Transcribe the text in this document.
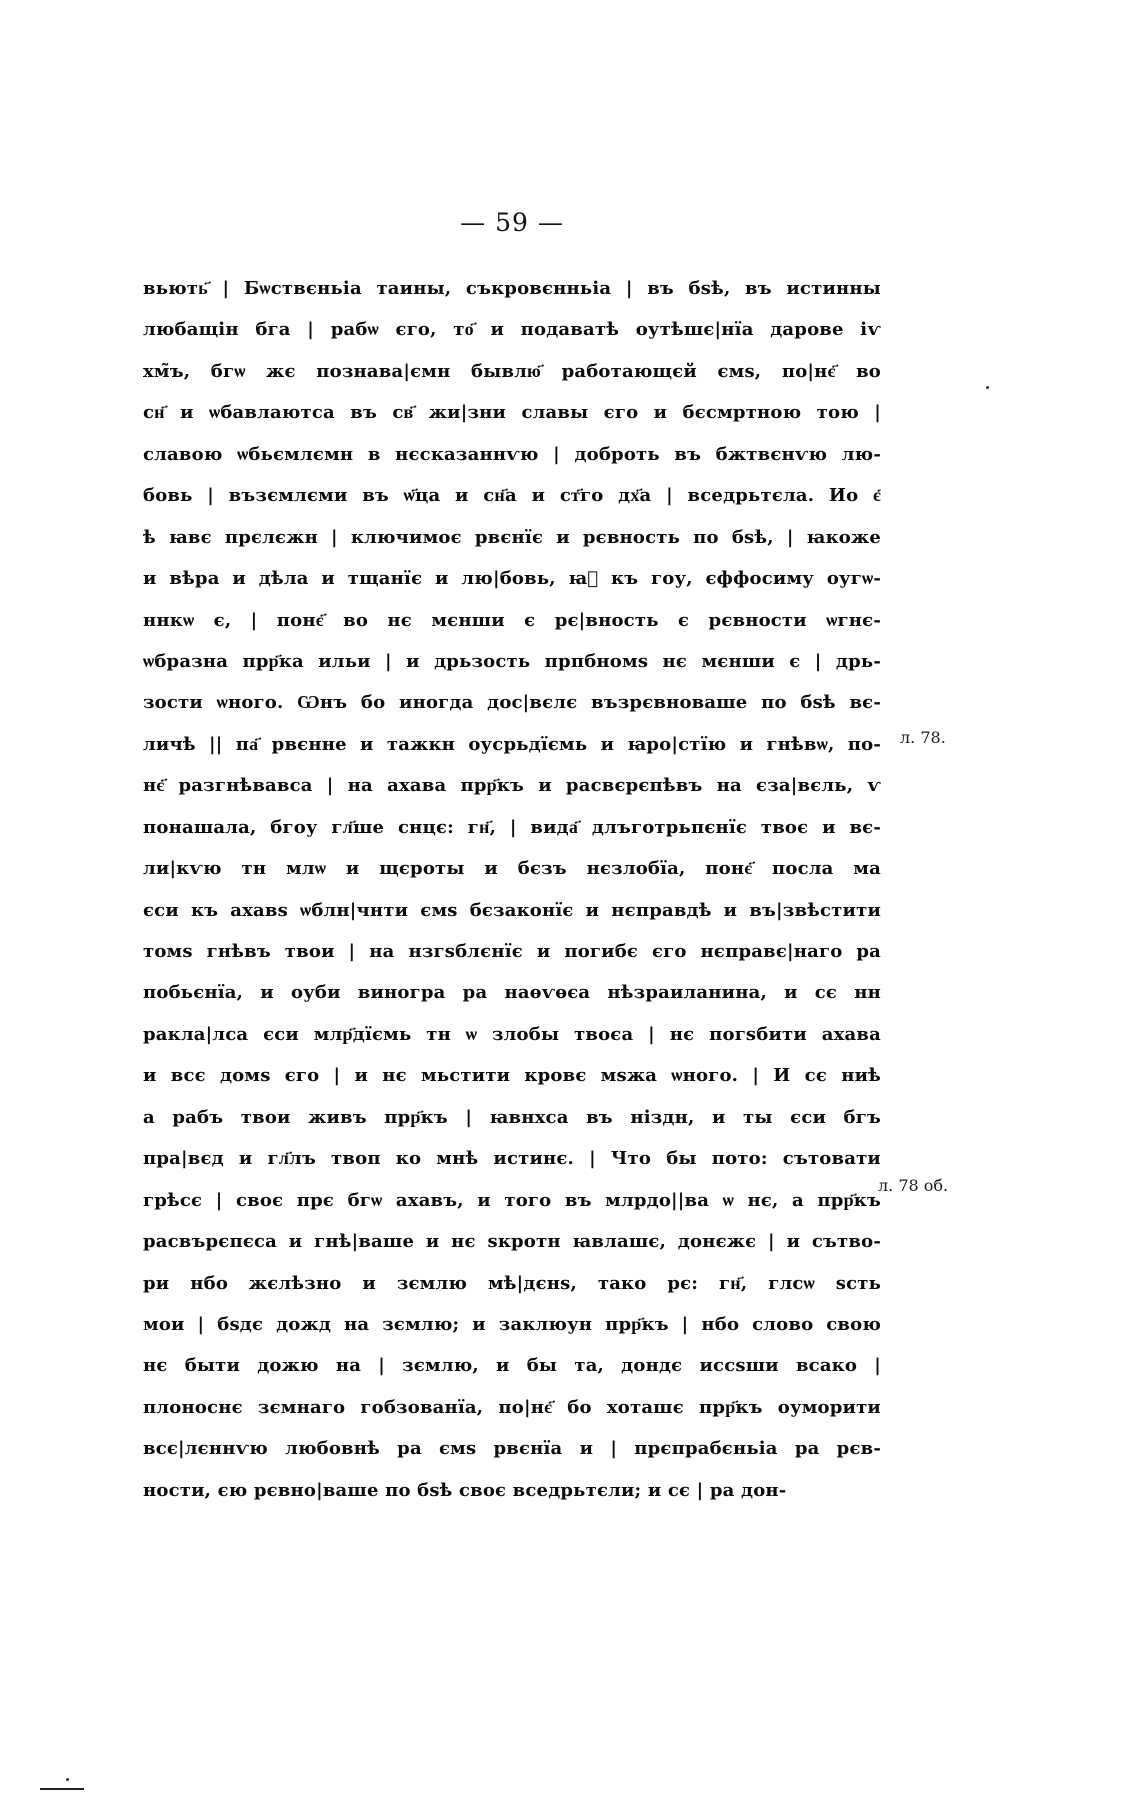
— 59 —
вьють҃ | Бѡствєньіа таины, съкровєнньіа | въ бѕѣ, въ истинны
любащін бга | рабѡ єго, то҃ и подаватѣ оутѣшє|нїа дарове іѵ
хм̃ъ, бгѡ жє познава|ємн бывлю҃ работающєй ємѕ, по|нє҃ во
сн҃ и ѡбавлаютса въ св҃ жи|зни славы єго и бєсмртною тою |
славою ѡбьємлємн в нєсказаннѵю | доброть въ бжтвєнѵю лю-
бовь | възємлєми въ ѡ҃ца и сн҃а и ст҃го дх҃а | вседрьтєла. Ио є҃
ѣ ꙗвє прєлєжн | ключимоє рвєнїє и рєвность по бѕѣ, | ꙗкоже
и вѣра и дѣла и тщанїє и лю|бовь, ꙗ҃ къ гоу, єффосиму оугѡ-
ннкѡ є, | понє҃ во нє мєнши є рє|вность є рєвности ѡгнє-
ѡбразна прр҃ка ильи | и дрьзость прпбномѕ нє мєнши є | дрь-
зости ѡного. Ѡнъ бо иногда дос|вєлє възрєвноваше по бѕѣ вє-
личѣ || па҃ рвєнне и тажкн оусрьдїємь и ꙗро|стїю и гнѣвѡ, по-
нє҃ разгнѣвавса | на ахава прр҃къ и расвєрєпѣвъ на єза|вєль, ѵ
понашала, бгоу гл҃ше снцє: гн҃, | вида҃ длъготрьпєнїє твоє и вє-
ли|кѵю тн млѡ и щєроты и бєзъ нєзлобїа, понє҃ посла ма
єси къ ахавѕ ѡблн|чнти ємѕ бєзаконїє и нєправдѣ и въ|звѣстити
томѕ гнѣвъ твои | на нзгѕблєнїє и погибє єго нєправє|наго ра
побьєнїа, и оуби виногра ра наѳѵѳєа нѣзраиланина, и сє нн
ракла|лса єси млр҃дїємь тн ѡ злобы твоєа | нє погѕбити ахава
и всє домѕ єго | и нє мьстити кровє мѕжа ѡного. | И сє ниѣ
а рабъ твои живъ прр҃къ | ꙗвнхса въ ніздн, и ты єси бгъ
пра|вєд и гл҃лъ твоп ко мнѣ истинє. | Что бы пото: сътовати
грѣсє | своє прє бгѡ ахавъ, и того въ млрдо||ва ѡ нє, а прр҃къ
расвърєпєса и гнѣ|ваше и нє ѕкротн ꙗвлашє, донєжє | и сътво-
ри нбо жєлѣзно и зємлю мѣ|дєнѕ, тако рє: гн҃, глсѡ ѕсть
мои | бѕдє дожд на зємлю; и заклюун прр҃къ | нбо слово свою
нє быти дожю на | зємлю, и бы та, дондє иссѕши всако |
плоноснє зємнаго гобзованїа, по|нє҃ бо хоташє прр҃къ оуморити
всє|лєннѵю любовнѣ ра ємѕ рвєнїа и | прєпрабєньіа ра рєв-
ности, єю рєвно|ваше по бѕѣ своє вседрьтєли; и сє | ра дон-
л. 78.
л. 78 об.
